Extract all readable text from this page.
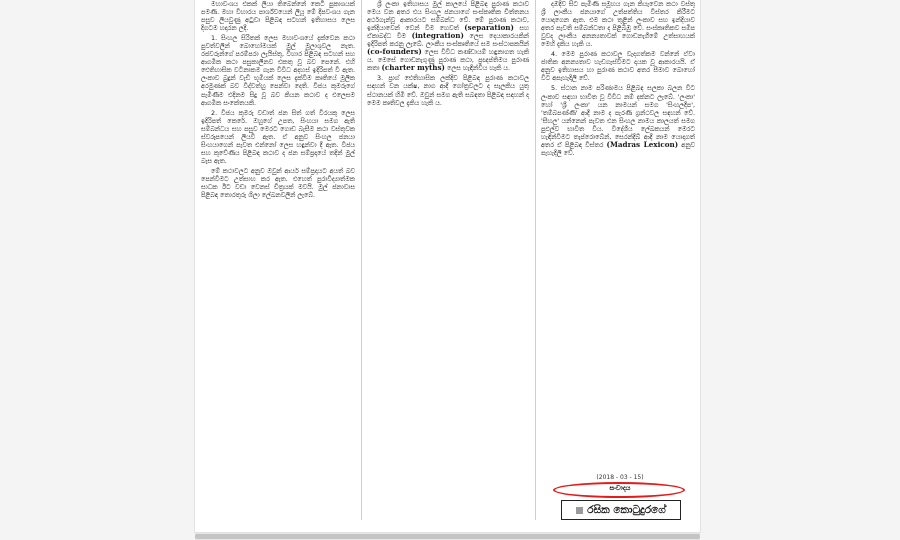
මහාවංශය එකක් ලියා තිබෙන්නේ කෙටි පුකාශයක් පමණි. මහා විහාරය පාර්ශ්වයෙන් ලියූ මේ දීපවංශය ගැන පසුව ලියවුණු අටුවා පිළිබඳ සටහන් ඉතිහාසය ලෙස දිගටම හදාරන ලදී.

1. සිංහල සිරිතක් ලෙස මහාවංශයේ දැක්වෙන කථා පුවත්වලින් බොහෝමයක් මුල් මූලාශුවල නැත. රජවරුන්ගේ පරම්පරා ලැයිස්තු, විහාර පිළිබඳ සටහන් සහ ආගමික කථා පසුකාලීනව එකතු වූ බව පෙනේ. එහි ඓතිහාසික වටිනාකම ගැන විවිධ අදහස් ඉදිරිපත් වී ඇත. ලංකාව බුදුන් වැඩි භූමියක් ලෙස දැක්වීම කෘතියේ මූලික අරමුණක් බව විද්වත්හු පෙන්වා දෙති. විජය කුමරුගේ පැමිණීම එදිනම සිදු වූ බව කියන කථාව ද එලෙසම ආගමික සංකේතයකි.

2. විජය කුමරු වඩාත් ජන සිත් ගත් වීරයකු ලෙස ඉදිරිපත් කෙරේ. ඔහුගේ උපත, සිංහයා සමග ඇති සම්බන්ධය සහ පසුව මෙරට ගොඩ බැසීම කථා වස්තුවක ස්වරූපයෙන් ලියවී ඇත. ඒ අනුව සිංහල ජනයා සිංහයාගෙන් පැවත එන්නෝ ලෙස හඳුන්වා දී ඇත. විජය සහ කුවේණිය පිළිබඳ කථාව ද ජන සම්ප්‍රදායේ තදින් මුල් බැස ඇත.

මේ කථාවලට අනුව ඔවුන් ආර්ය සම්ප්‍රදායට අයත් බව පෙන්වීමට උත්සාහ කර ඇත. එහෙත් පුරාවිද්‍යාත්මක සාධක ඊට වඩා වෙනස් චිත්‍රයක් මවයි. මුල් ජනාවාස පිළිබඳ තොරතුරු ශිලා ලේඛනවලින් ලැබේ.

ශ්‍රී ලංකා ඉතිහාසය මුල් කාලයේ පිළිබඳ පුරාණ කථාව මෙය වන අතර එය සිංහල ජනයාගේ සංස්කෘතික චිත්තනය අර්ථගැන්වූ ආකාරයට සම්බන්ධ වේ. මේ පුරාණ කථාව, ඉන්දියාවෙන් වෙන් වීම හෙවත් (separation) සහ ඒකාබද්ධ වීම (integration) ලෙස දෙයාකාරයකින් ඉදිරිපත් කරනු ලැබේ. ලාංකීය සංස්කෘතියේ සම සංස්ථාපකයින් (co-founders) ලෙස විවිධ කණ්ඩායම් හඳුනාගත හැකි ය. මෙසේ ගොඩනැගුණු පුරාණ කථා, ප්‍රඥප්තිමය පුරාණ කතා (charter myths) ලෙස හැඳින්විය හැකි ය.

3. ප්‍රාග් ඓතිහාසික ලක්දිව පිළිබඳ පුරාණ කථාවල සඳහන් වන යක්ෂ, නාග ආදී ගෝත්‍රවලට ද සැලකිය යුතු ස්ථානයක් හිමි වේ. ඔවුන් සමග ඇති සබඳතා පිළිබඳ සඳහන් ද මෙම කෘතිවල දැකිය හැකි ය.

දඹදිව සිට පැමිණි සමූහය ගැන කියැවෙන කථා වස්තු ශ්‍රී ලාංකීය ජනයාගේ උත්පත්තිය විස්තර කිරීමට යොදාගෙන ඇත. එම කථා තුළින් ලංකාව සහ ඉන්දියාව අතර පැවති සම්බන්ධතා ද පිළිබිඹු වේ. සංස්කෘතිකව සමීප වුවද ලාංකීය අනන්‍යතාවක් ගොඩනැගීමේ උත්සාහයක් මෙහි දැකිය හැකි ය.

4. මෙම පුරාණ කථාවල වැදගත්කම වන්නේ ඒවා ජාතික අනන්‍යතාව හැඩගැස්වීමට දායක වූ ආකාරයයි. ඒ අනුව ඉතිහාසය හා පුරාණ කථාව අතර සීමාව බොහෝ විට අපැහැදිලි වේ.

5. ස්ථාන නාම පරිණාමය පිළිබඳ සලකා බලන විට ලංකාව සඳහා භාවිත වූ විවිධ නම් දක්නට ලැබේ. 'ලංකා' හෝ 'ශ්‍රී ලංකා' යන නාමයන් සමග 'සිංහලදීප', 'තම්බපණ්ණි' ආදී නාම ද පැරණි ග්‍රන්ථවල සඳහන් වේ. 'සීහල' යන්නෙන් පැවත එන සිංහල නාමය කාලයත් සමග පුළුල්ව භාවිත විය. විදේශීය ලේඛකයන් මෙරට හැඳින්වීමට තැප්රොබේන්, සෙරන්දිබ් ආදී නාම යොදාගත් අතර ඒ පිළිබඳ විස්තර (Madras Lexicon) අනුව පැහැදිලි වේ.

(2018 - 03 - 15)
සංවාදය
රසික කොටුදුරගේ
